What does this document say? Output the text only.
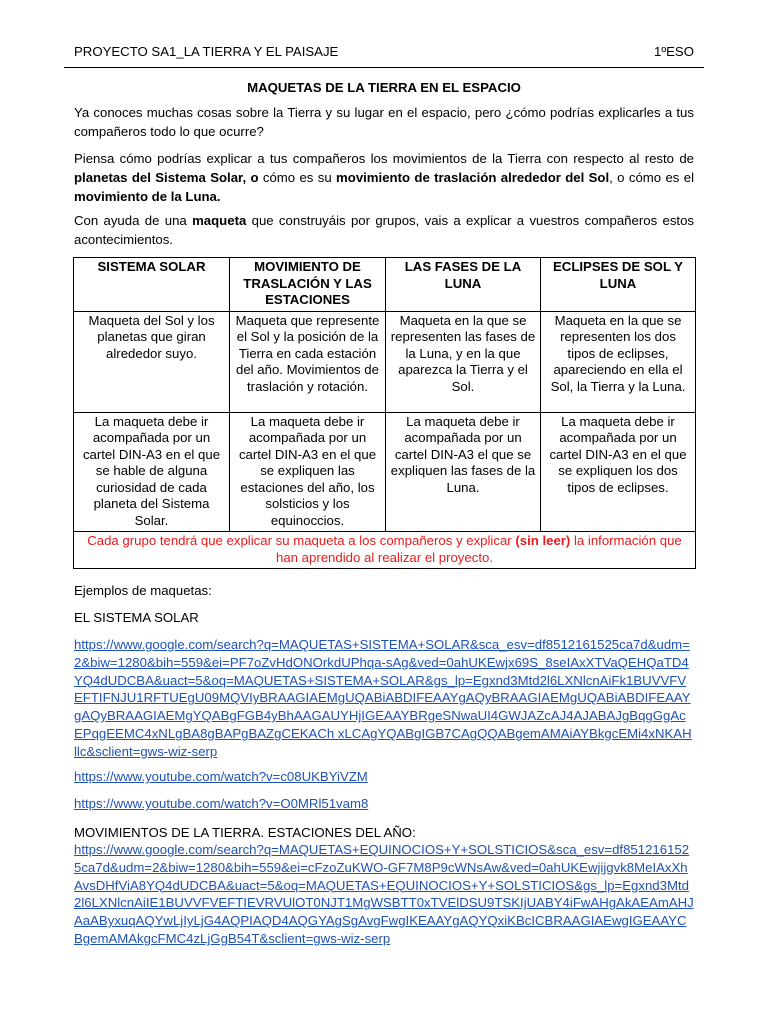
PROYECTO SA1_LA TIERRA Y EL PAISAJE	1ºESO
MAQUETAS DE LA TIERRA EN EL ESPACIO
Ya conoces muchas cosas sobre la Tierra y su lugar en el espacio, pero ¿cómo podrías explicarles a tus compañeros todo lo que ocurre?
Piensa cómo podrías explicar a tus compañeros los movimientos de la Tierra con respecto al resto de planetas del Sistema Solar, o cómo es su movimiento de traslación alrededor del Sol, o cómo es el movimiento de la Luna.
Con ayuda de una maqueta que construyáis por grupos, vais a explicar a vuestros compañeros estos acontecimientos.
SISTEMA SOLAR	MOVIMIENTO DE TRASLACIÓN Y LAS ESTACIONES	LAS FASES DE LA LUNA	ECLIPSES DE SOL Y LUNA
Maqueta del Sol y los planetas que giran alrededor suyo.	Maqueta que represente el Sol y la posición de la Tierra en cada estación del año. Movimientos de traslación y rotación.	Maqueta en la que se representen las fases de la Luna, y en la que aparezca la Tierra y el Sol.	Maqueta en la que se representen los dos tipos de eclipses, apareciendo en ella el Sol, la Tierra y la Luna.
La maqueta debe ir acompañada por un cartel DIN-A3 en el que se hable de alguna curiosidad de cada planeta del Sistema Solar.	La maqueta debe ir acompañada por un cartel DIN-A3 en el que se expliquen las estaciones del año, los solsticios y los equinoccios.	La maqueta debe ir acompañada por un cartel DIN-A3 el que se expliquen las fases de la Luna.	La maqueta debe ir acompañada por un cartel DIN-A3 en el que se expliquen los dos tipos de eclipses.
Cada grupo tendrá que explicar su maqueta a los compañeros y explicar (sin leer) la información que han aprendido al realizar el proyecto.			
Ejemplos de maquetas:
EL SISTEMA SOLAR
https://www.google.com/search?q=MAQUETAS+SISTEMA+SOLAR&sca_esv=df8512161525ca7d&udm=2&biw=1280&bih=559&ei=PF7oZvHdONOrkdUPhqa-sAg&ved=0ahUKEwjx69S_8seIAxXTVaQEHQaTD4YQ4dUDCBA&uact=5&oq=MAQUETAS+SISTEMA+SOLAR&gs_lp=Egxnd3Mtd2l6LXNlcnAiFk1BUVVFVEFTIFNJU1RFTUEgU09MQVIyBRAAGIAEMgUQABiABDIFEAAYgAQyBRAAGIAEMgUQABiABDIFEAAYgAQyBRAAGIAEMgYQABgFGB4yBhAAGAUYHjIGEAAYBRgeSNwaUI4GWJAZcAJ4AJABAJgBqgGgAcEPqgEEMC4xNLgBA8gBAPgBAZgCEKACh xLCAgYQABgIGB7CAgQQABgemAMAiAYBkgcEMi4xNKAHllc&sclient=gws-wiz-serp
https://www.youtube.com/watch?v=c08UKBYiVZM
https://www.youtube.com/watch?v=O0MRl51vam8
MOVIMIENTOS DE LA TIERRA. ESTACIONES DEL AÑO:
https://www.google.com/search?q=MAQUETAS+EQUINOCIOS+Y+SOLSTICIOS&sca_esv=df8512161525ca7d&udm=2&biw=1280&bih=559&ei=cFzoZuKWO-GF7M8P9cWNsAw&ved=0ahUKEwjijgvk8MeIAxXhAvsDHfViA8YQ4dUDCBA&uact=5&oq=MAQUETAS+EQUINOCIOS+Y+SOLSTICIOS&gs_lp=Egxnd3Mtd2l6LXNlcnAiIE1BUVVFVEFTIEVRVUlOT0NJT1MgWSBTT0xTVElDSU9TSKIjUABY4iFwAHgAkAEAmAHJAaAByxuqAQYwLjIyLjG4AQPIAQD4AQGYAgSgAvgFwgIKEAAYgAQYQxiKBcICBRAAGIAEwgIGEAAYCBgemAMAkgcFMC4zLjGgB54T&sclient=gws-wiz-serp
